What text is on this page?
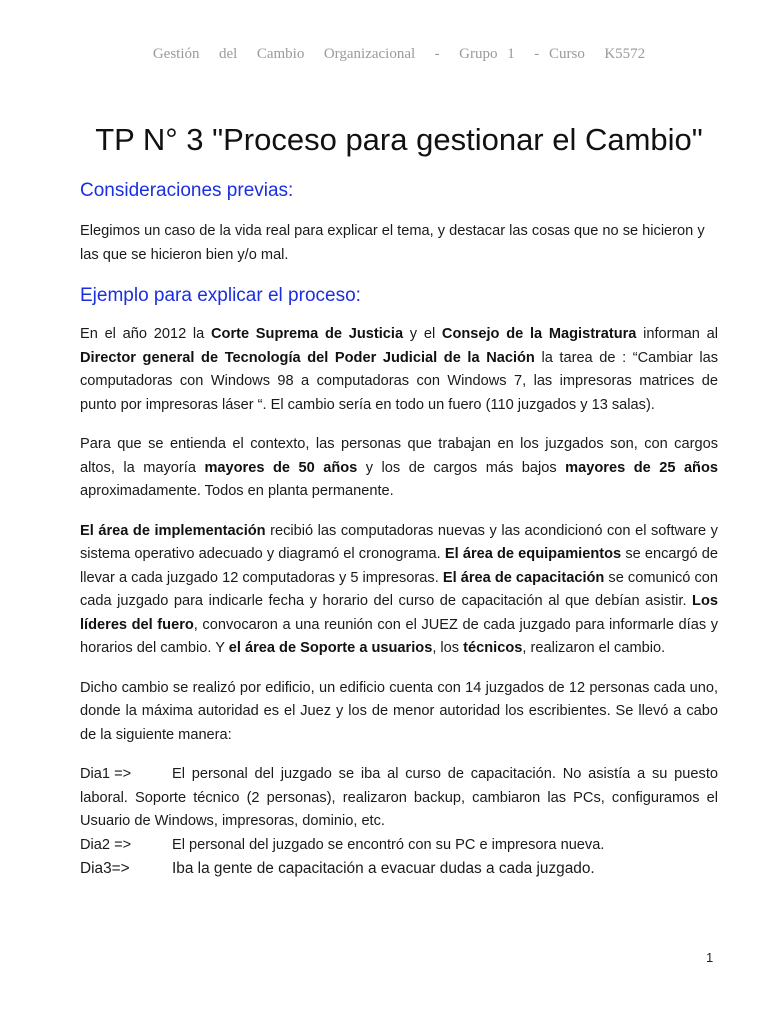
Gestión  del  Cambio  Organizacional  -  Grupo 1  - Curso  K5572
TP N° 3 "Proceso para gestionar el Cambio"
Consideraciones previas:

Elegimos un caso de la vida real para explicar el tema, y destacar las cosas que no se hicieron y las que se hicieron bien y/o mal.

Ejemplo para explicar el proceso:

En el año 2012 la Corte Suprema de Justicia y el Consejo de la Magistratura informan al Director general de Tecnología del Poder Judicial de la Nación la tarea de : “Cambiar las computadoras con Windows 98 a computadoras con Windows 7, las impresoras matrices de punto por impresoras láser “. El cambio sería en todo un fuero (110 juzgados y 13 salas).

Para que se entienda el contexto, las personas que trabajan en los juzgados son, con cargos altos, la mayoría mayores de 50 años y los de cargos más bajos mayores de 25 años aproximadamente. Todos en planta permanente.

El área de implementación recibió las computadoras nuevas y las acondicionó con el software y sistema operativo adecuado y diagramó el cronograma. El área de equipamientos se encargó de llevar a cada juzgado 12 computadoras y 5 impresoras. El área de capacitación se comunicó con cada juzgado para indicarle fecha y horario del curso de capacitación al que debían asistir. Los líderes del fuero, convocaron a una reunión con el JUEZ de cada juzgado para informarle días y horarios del cambio. Y el área de Soporte a usuarios, los técnicos, realizaron el cambio.

Dicho cambio se realizó por edificio, un edificio cuenta con 14 juzgados de 12 personas cada uno, donde la máxima autoridad es el Juez y los de menor autoridad los escribientes. Se llevó a cabo de la siguiente manera:

Dia1 =>	El personal del juzgado se iba al curso de capacitación. No asistía a su puesto laboral. Soporte técnico (2 personas), realizaron backup, cambiaron las PCs, configuramos el Usuario de Windows, impresoras, dominio, etc.
Dia2 =>	El personal del juzgado se encontró con su PC e impresora nueva.
Dia3=>	Iba la gente de capacitación a evacuar dudas a cada juzgado.
1
